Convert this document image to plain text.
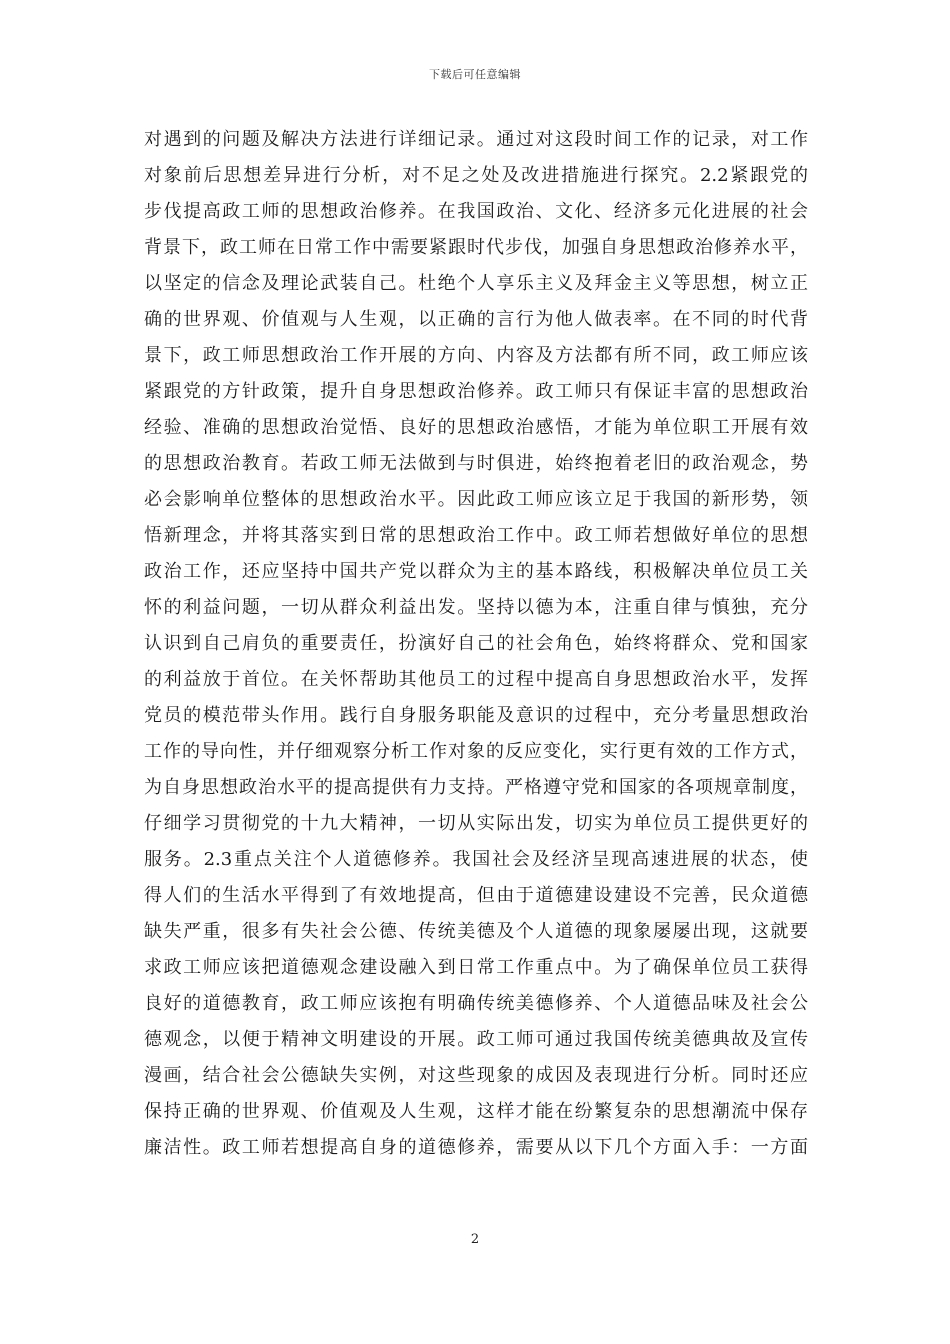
下载后可任意编辑
对遇到的问题及解决方法进行详细记录。通过对这段时间工作的记录，对工作
对象前后思想差异进行分析，对不足之处及改进措施进行探究。2.2紧跟党的
步伐提高政工师的思想政治修养。在我国政治、文化、经济多元化进展的社会
背景下，政工师在日常工作中需要紧跟时代步伐，加强自身思想政治修养水平，
以坚定的信念及理论武装自己。杜绝个人享乐主义及拜金主义等思想，树立正
确的世界观、价值观与人生观，以正确的言行为他人做表率。在不同的时代背
景下，政工师思想政治工作开展的方向、内容及方法都有所不同，政工师应该
紧跟党的方针政策，提升自身思想政治修养。政工师只有保证丰富的思想政治
经验、准确的思想政治觉悟、良好的思想政治感悟，才能为单位职工开展有效
的思想政治教育。若政工师无法做到与时俱进，始终抱着老旧的政治观念，势
必会影响单位整体的思想政治水平。因此政工师应该立足于我国的新形势，领
悟新理念，并将其落实到日常的思想政治工作中。政工师若想做好单位的思想
政治工作，还应坚持中国共产党以群众为主的基本路线，积极解决单位员工关
怀的利益问题，一切从群众利益出发。坚持以德为本，注重自律与慎独，充分
认识到自己肩负的重要责任，扮演好自己的社会角色，始终将群众、党和国家
的利益放于首位。在关怀帮助其他员工的过程中提高自身思想政治水平，发挥
党员的模范带头作用。践行自身服务职能及意识的过程中，充分考量思想政治
工作的导向性，并仔细观察分析工作对象的反应变化，实行更有效的工作方式，
为自身思想政治水平的提高提供有力支持。严格遵守党和国家的各项规章制度，
仔细学习贯彻党的十九大精神，一切从实际出发，切实为单位员工提供更好的
服务。2.3重点关注个人道德修养。我国社会及经济呈现高速进展的状态，使
得人们的生活水平得到了有效地提高，但由于道德建设建设不完善，民众道德
缺失严重，很多有失社会公德、传统美德及个人道德的现象屡屡出现，这就要
求政工师应该把道德观念建设融入到日常工作重点中。为了确保单位员工获得
良好的道德教育，政工师应该抱有明确传统美德修养、个人道德品味及社会公
德观念，以便于精神文明建设的开展。政工师可通过我国传统美德典故及宣传
漫画，结合社会公德缺失实例，对这些现象的成因及表现进行分析。同时还应
保持正确的世界观、价值观及人生观，这样才能在纷繁复杂的思想潮流中保存
廉洁性。政工师若想提高自身的道德修养，需要从以下几个方面入手：一方面
2
